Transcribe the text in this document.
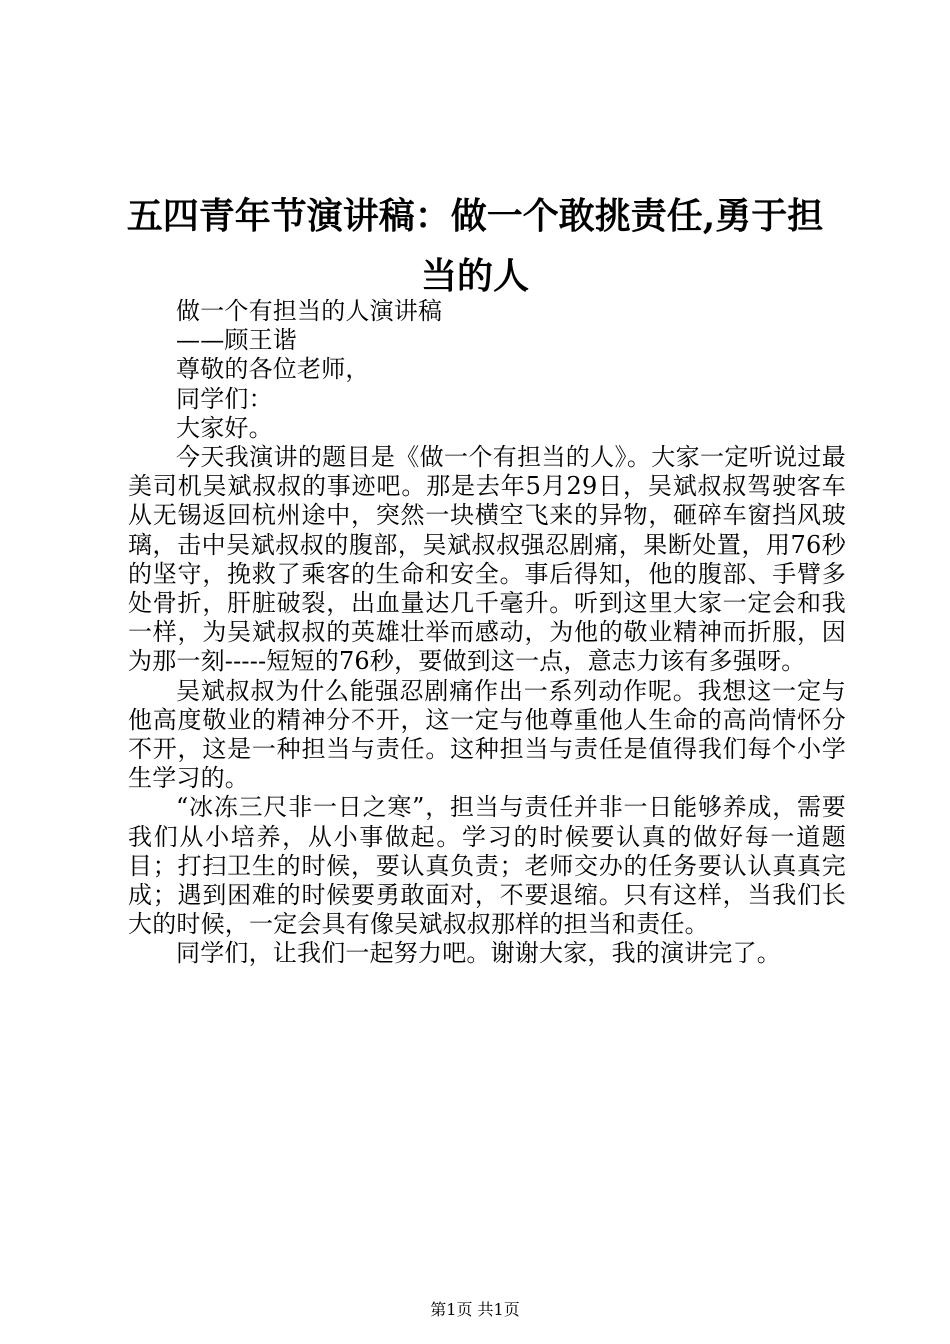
五四青年节演讲稿：做一个敢挑责任,勇于担当的人

做一个有担当的人演讲稿

——顾王谐

尊敬的各位老师，

同学们：

大家好。

今天我演讲的题目是《做一个有担当的人》。大家一定听说过最美司机吴斌叔叔的事迹吧。那是去年5月29日，吴斌叔叔驾驶客车从无锡返回杭州途中，突然一块横空飞来的异物，砸碎车窗挡风玻璃，击中吴斌叔叔的腹部，吴斌叔叔强忍剧痛，果断处置，用76秒的坚守，挽救了乘客的生命和安全。事后得知，他的腹部、手臂多处骨折，肝脏破裂，出血量达几千毫升。听到这里大家一定会和我一样，为吴斌叔叔的英雄壮举而感动，为他的敬业精神而折服，因为那一刻-----短短的76秒，要做到这一点，意志力该有多强呀。

吴斌叔叔为什么能强忍剧痛作出一系列动作呢。我想这一定与他高度敬业的精神分不开，这一定与他尊重他人生命的高尚情怀分不开，这是一种担当与责任。这种担当与责任是值得我们每个小学生学习的。

“冰冻三尺非一日之寒”，担当与责任并非一日能够养成，需要我们从小培养，从小事做起。学习的时候要认真的做好每一道题目；打扫卫生的时候，要认真负责；老师交办的任务要认认真真完成；遇到困难的时候要勇敢面对，不要退缩。只有这样，当我们长大的时候，一定会具有像吴斌叔叔那样的担当和责任。

同学们，让我们一起努力吧。谢谢大家，我的演讲完了。

第1页 共1页
